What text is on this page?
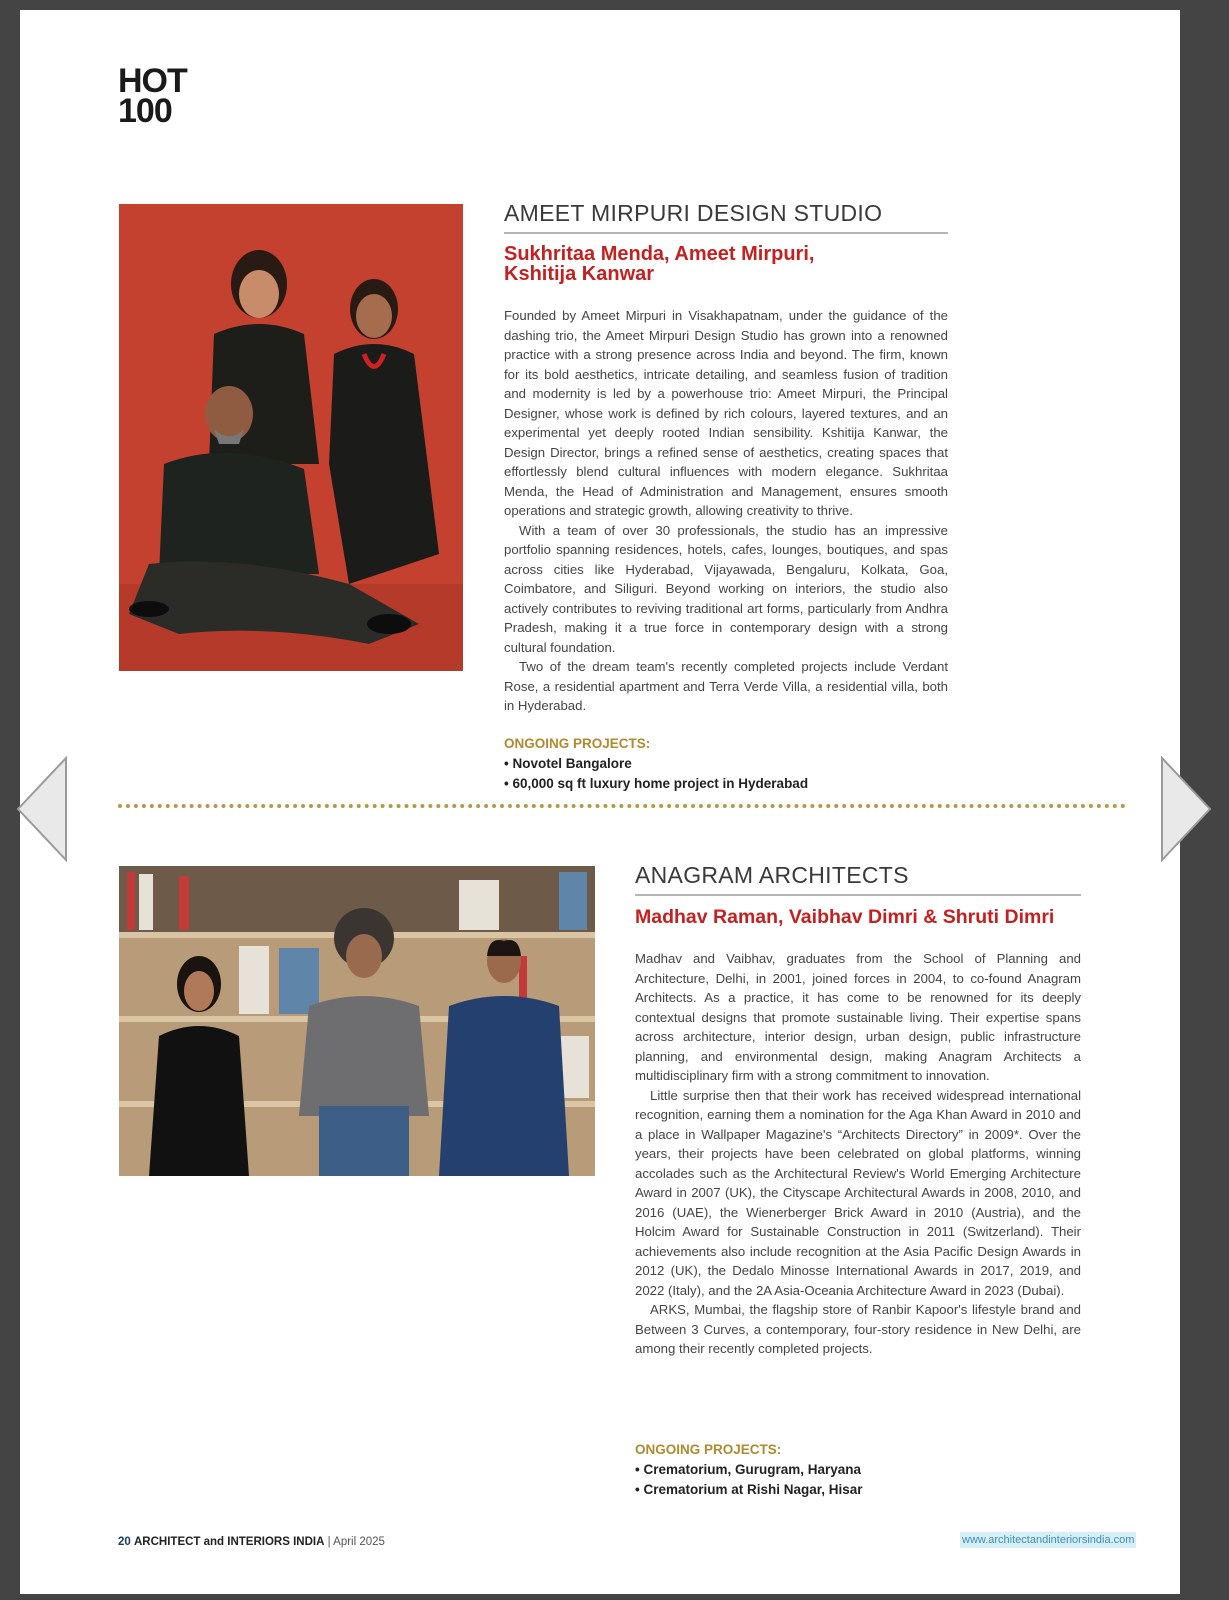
HOT
100
AMEET MIRPURI DESIGN STUDIO
Sukhritaa Menda, Ameet Mirpuri,
Kshitija Kanwar

Founded by Ameet Mirpuri in Visakhapatnam, under the guidance of the dashing trio, the Ameet Mirpuri Design Studio has grown into a renowned practice with a strong presence across India and beyond. The firm, known for its bold aesthetics, intricate detailing, and seamless fusion of tradition and modernity is led by a powerhouse trio: Ameet Mirpuri, the Principal Designer, whose work is defined by rich colours, layered textures, and an experimental yet deeply rooted Indian sensibility. Kshitija Kanwar, the Design Director, brings a refined sense of aesthetics, creating spaces that effortlessly blend cultural influences with modern elegance. Sukhritaa Menda, the Head of Administration and Management, ensures smooth operations and strategic growth, allowing creativity to thrive.

With a team of over 30 professionals, the studio has an impressive portfolio spanning residences, hotels, cafes, lounges, boutiques, and spas across cities like Hyderabad, Vijayawada, Bengaluru, Kolkata, Goa, Coimbatore, and Siliguri. Beyond working on interiors, the studio also actively contributes to reviving traditional art forms, particularly from Andhra Pradesh, making it a true force in contemporary design with a strong cultural foundation.

Two of the dream team's recently completed projects include Verdant Rose, a residential apartment and Terra Verde Villa, a residential villa, both in Hyderabad.

ONGOING PROJECTS:
• Novotel Bangalore
• 60,000 sq ft luxury home project in Hyderabad
ANAGRAM ARCHITECTS
Madhav Raman, Vaibhav Dimri & Shruti Dimri

Madhav and Vaibhav, graduates from the School of Planning and Architecture, Delhi, in 2001, joined forces in 2004, to co-found Anagram Architects. As a practice, it has come to be renowned for its deeply contextual designs that promote sustainable living. Their expertise spans across architecture, interior design, urban design, public infrastructure planning, and environmental design, making Anagram Architects a multidisciplinary firm with a strong commitment to innovation.

Little surprise then that their work has received widespread international recognition, earning them a nomination for the Aga Khan Award in 2010 and a place in Wallpaper Magazine's “Architects Directory” in 2009*. Over the years, their projects have been celebrated on global platforms, winning accolades such as the Architectural Review's World Emerging Architecture Award in 2007 (UK), the Cityscape Architectural Awards in 2008, 2010, and 2016 (UAE), the Wienerberger Brick Award in 2010 (Austria), and the Holcim Award for Sustainable Construction in 2011 (Switzerland). Their achievements also include recognition at the Asia Pacific Design Awards in 2012 (UK), the Dedalo Minosse International Awards in 2017, 2019, and 2022 (Italy), and the 2A Asia-Oceania Architecture Award in 2023 (Dubai).

ARKS, Mumbai, the flagship store of Ranbir Kapoor's lifestyle brand and Between 3 Curves, a contemporary, four-story residence in New Delhi, are among their recently completed projects.

ONGOING PROJECTS:
• Crematorium, Gurugram, Haryana
• Crematorium at Rishi Nagar, Hisar
20 ARCHITECT and INTERIORS INDIA | April 2025	www.architectandinteriorsindia.com
